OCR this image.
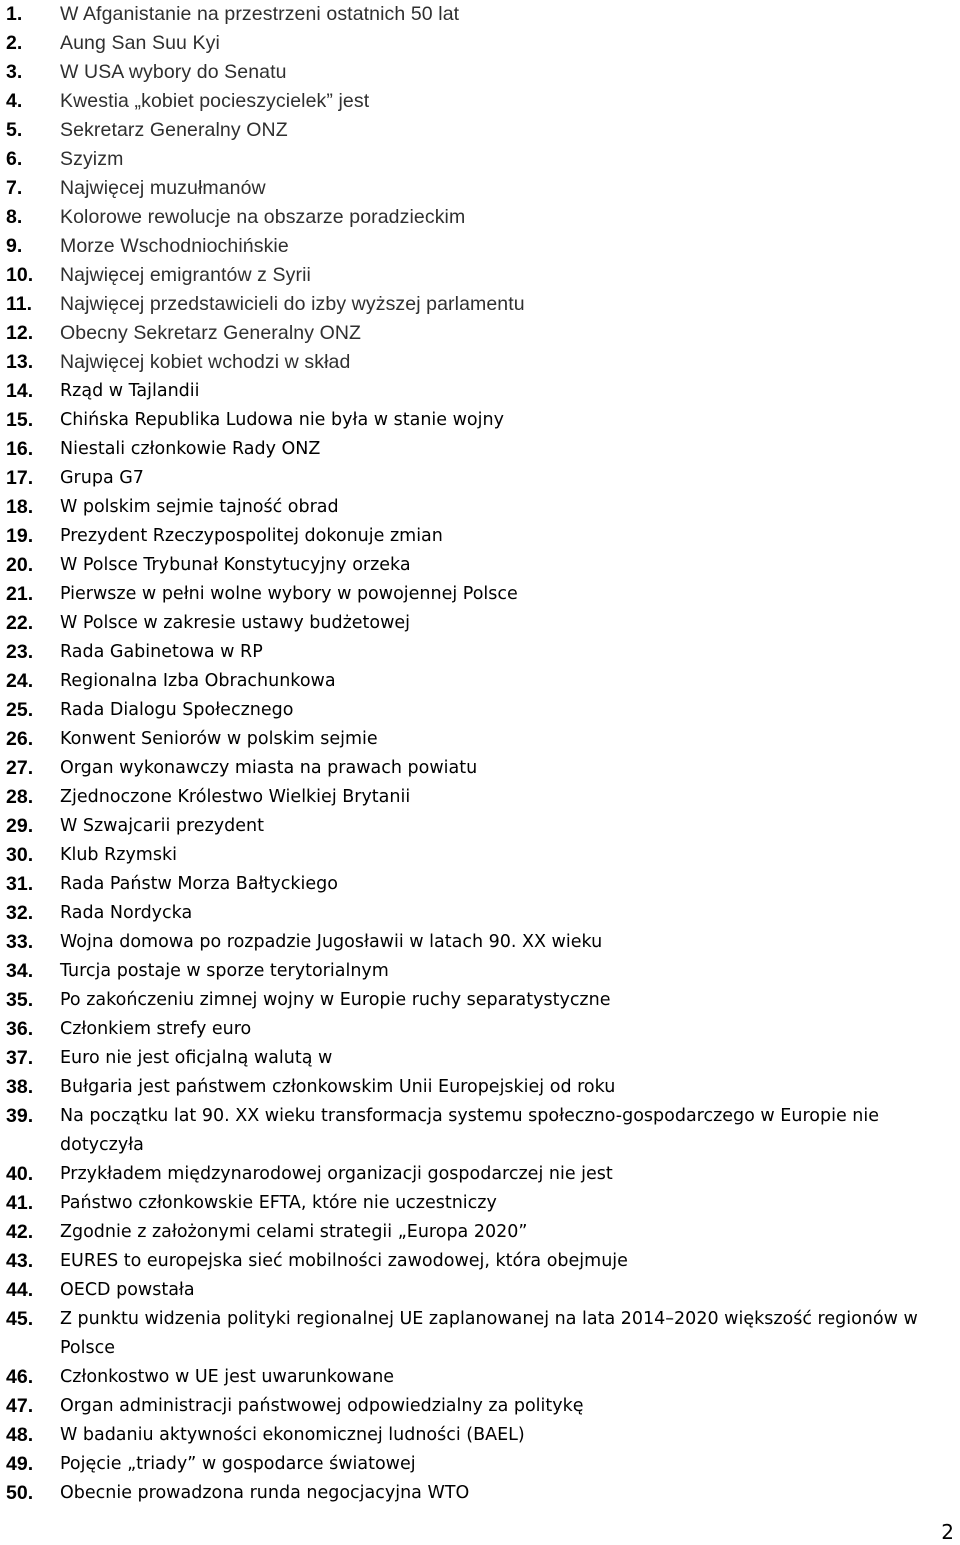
1.	W Afganistanie na przestrzeni ostatnich 50 lat
2.	Aung San Suu Kyi
3.	W USA wybory do Senatu
4.	Kwestia „kobiet pocieszycielek” jest
5.	Sekretarz Generalny ONZ
6.	Szyizm
7.	Najwięcej muzułmanów
8.	Kolorowe rewolucje na obszarze poradzieckim
9.	Morze Wschodniochińskie
10.	Najwięcej emigrantów z Syrii
11.	Najwięcej przedstawicieli do izby wyższej parlamentu
12.	Obecny Sekretarz Generalny ONZ
13.	Najwięcej kobiet wchodzi w skład
14.	Rząd w Tajlandii
15.	Chińska Republika Ludowa nie była w stanie wojny
16.	Niestali członkowie Rady ONZ
17.	Grupa G7
18.	W polskim sejmie tajność obrad
19.	Prezydent Rzeczypospolitej dokonuje zmian
20.	W Polsce Trybunał Konstytucyjny orzeka
21.	Pierwsze w pełni wolne wybory w powojennej Polsce
22.	W Polsce w zakresie ustawy budżetowej
23.	Rada Gabinetowa w RP
24.	Regionalna Izba Obrachunkowa
25.	Rada Dialogu Społecznego
26.	Konwent Seniorów w polskim sejmie
27.	Organ wykonawczy miasta na prawach powiatu
28.	Zjednoczone Królestwo Wielkiej Brytanii
29.	W Szwajcarii prezydent
30.	Klub Rzymski
31.	Rada Państw Morza Bałtyckiego
32.	Rada Nordycka
33.	Wojna domowa po rozpadzie Jugosławii w latach 90. XX wieku
34.	Turcja postaje w sporze terytorialnym
35.	Po zakończeniu zimnej wojny w Europie ruchy separatystyczne
36.	Członkiem strefy euro
37.	Euro nie jest oficjalną walutą w
38.	Bułgaria jest państwem członkowskim Unii Europejskiej od roku
39.	Na początku lat 90. XX wieku transformacja systemu społeczno-gospodarczego w Europie nie dotyczyła
40.	Przykładem międzynarodowej organizacji gospodarczej nie jest
41.	Państwo członkowskie EFTA, które nie uczestniczy
42.	Zgodnie z założonymi celami strategii „Europa 2020”
43.	EURES to europejska sieć mobilności zawodowej, która obejmuje
44.	OECD powstała
45.	Z punktu widzenia polityki regionalnej UE zaplanowanej na lata 2014–2020 większość regionów w Polsce
46.	Członkostwo w UE jest uwarunkowane
47.	Organ administracji państwowej odpowiedzialny za politykę
48.	W badaniu aktywności ekonomicznej ludności (BAEL)
49.	Pojęcie „triady” w gospodarce światowej
50.	Obecnie prowadzona runda negocjacyjna WTO
2
